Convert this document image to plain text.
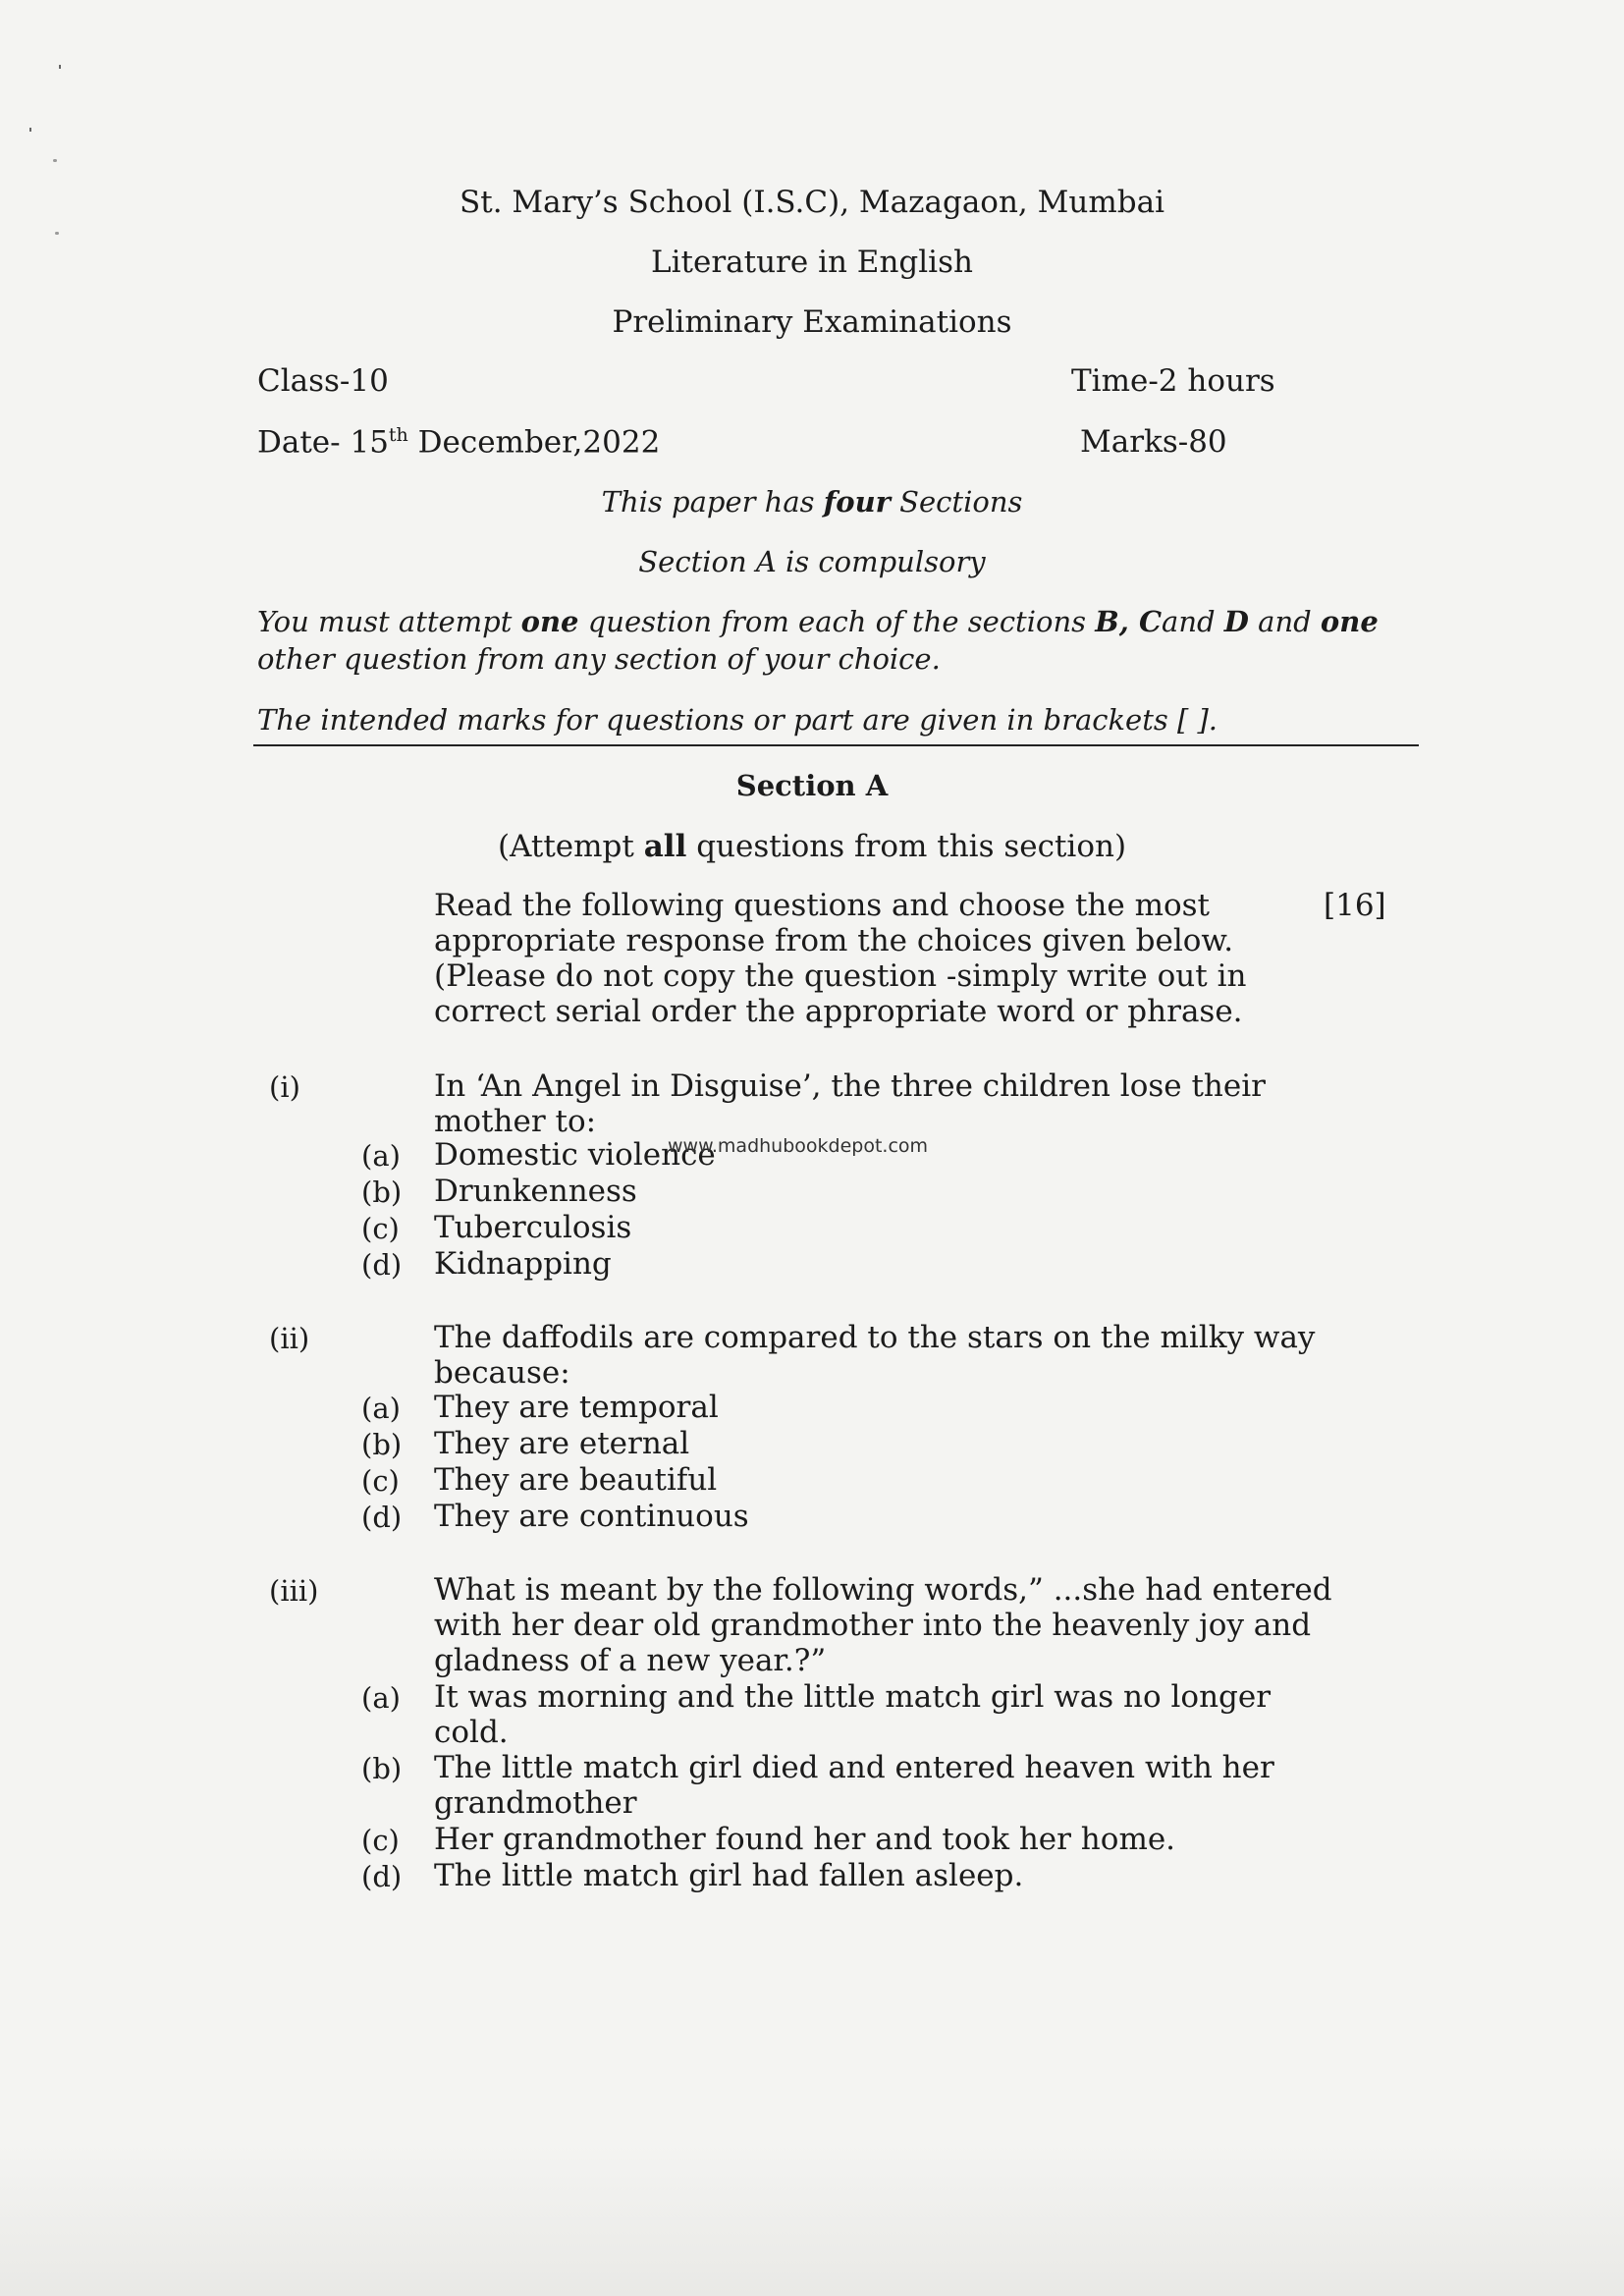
St. Mary’s School (I.S.C), Mazagaon, Mumbai
Literature in English
Preliminary Examinations
Class-10	Time-2 hours
Date- 15th December,2022	Marks-80
This paper has four Sections
Section A is compulsory
You must attempt one question from each of the sections B, Cand D and one
other question from any section of your choice.
The intended marks for questions or part are given in brackets [ ].
Section A
(Attempt all questions from this section)
Read the following questions and choose the most
appropriate response from the choices given below.
(Please do not copy the question -simply write out in
correct serial order the appropriate word or phrase.
[16]
(i)	In ‘An Angel in Disguise’, the three children lose their
mother to:
(a) Domestic violence
www.madhubookdepot.com
(b) Drunkenness
(c) Tuberculosis
(d) Kidnapping
(ii)	The daffodils are compared to the stars on the milky way
because:
(a) They are temporal
(b) They are eternal
(c) They are beautiful
(d) They are continuous
(iii)	What is meant by the following words,” ...she had entered
with her dear old grandmother into the heavenly joy and
gladness of a new year.?”
(a) It was morning and the little match girl was no longer
cold.
(b) The little match girl died and entered heaven with her
grandmother
(c) Her grandmother found her and took her home.
(d) The little match girl had fallen asleep.
